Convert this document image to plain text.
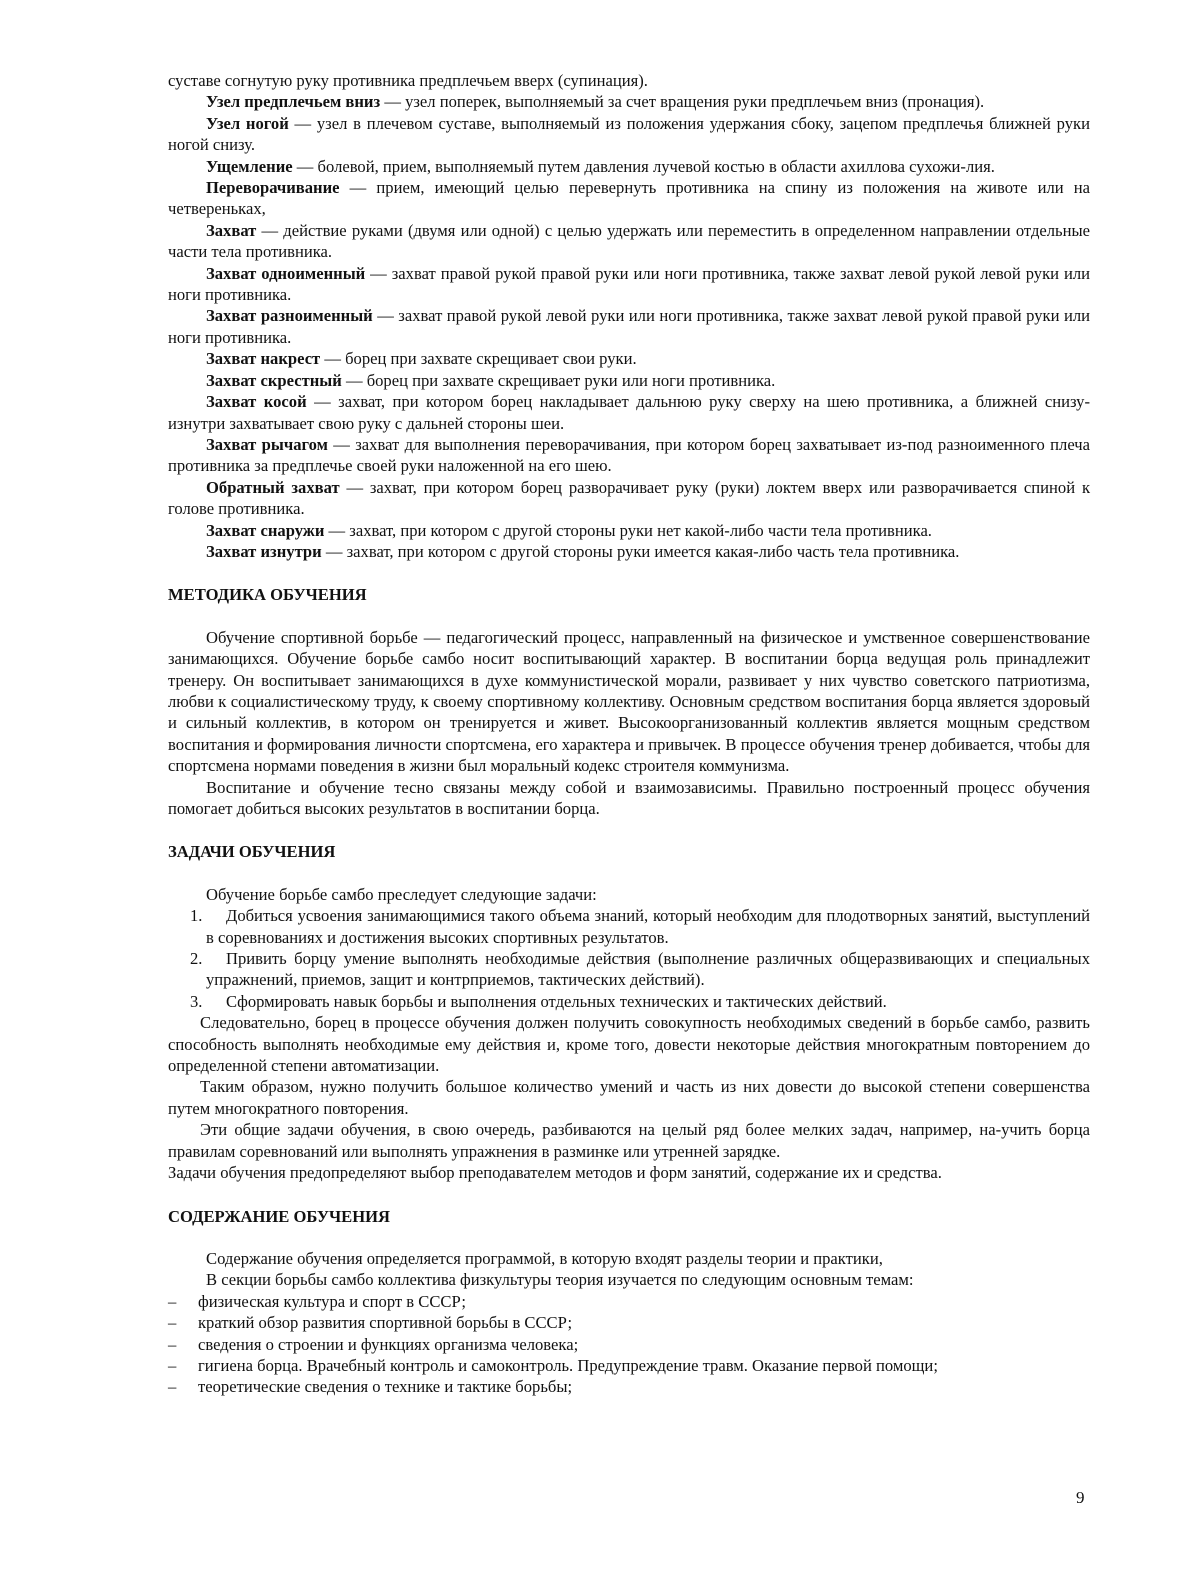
суставе согнутую руку противника предплечьем вверх (супинация).

Узел предплечьем вниз — узел поперек, выполняемый за счет вращения руки предплечьем вниз (пронация).

Узел ногой — узел в плечевом суставе, выполняемый из положения удержания сбоку, зацепом предплечья ближней руки ногой снизу.

Ущемление — болевой, прием, выполняемый путем давления лучевой костью в области ахиллова сухожи-лия.

Переворачивание — прием, имеющий целью перевернуть противника на спину из положения на животе или на четвереньках,

Захват — действие руками (двумя или одной) с целью удержать или переместить в определенном направлении отдельные части тела противника.

Захват одноименный — захват правой рукой правой руки или ноги противника, также захват левой рукой левой руки или ноги противника.

Захват разноименный — захват правой рукой левой руки или ноги противника, также захват левой рукой правой руки или ноги противника.

Захват накрест — борец при захвате скрещивает свои руки.

Захват скрестный — борец при захвате скрещивает руки или ноги противника.

Захват косой — захват, при котором борец накладывает дальнюю руку сверху на шею противника, а ближней снизу-изнутри захватывает свою руку с дальней стороны шеи.

Захват рычагом — захват для выполнения переворачивания, при котором борец захватывает из-под разноименного плеча противника за предплечье своей руки наложенной на его шею.

Обратный захват — захват, при котором борец разворачивает руку (руки) локтем вверх или разворачивается спиной к голове противника.

Захват снаружи — захват, при котором с другой стороны руки нет какой-либо части тела противника.

Захват изнутри — захват, при котором с другой стороны руки имеется какая-либо часть тела противника.

МЕТОДИКА ОБУЧЕНИЯ

Обучение спортивной борьбе — педагогический процесс, направленный на физическое и умственное совершенствование занимающихся. Обучение борьбе самбо носит воспитывающий характер. В воспитании борца ведущая роль принадлежит тренеру. Он воспитывает занимающихся в духе коммунистической морали, развивает у них чувство советского патриотизма, любви к социалистическому труду, к своему спортивному коллективу. Основным средством воспитания борца является здоровый и сильный коллектив, в котором он тренируется и живет. Высокоорганизованный коллектив является мощным средством воспитания и формирования личности спортсмена, его характера и привычек. В процессе обучения тренер добивается, чтобы для спортсмена нормами поведения в жизни был моральный кодекс строителя коммунизма.

Воспитание и обучение тесно связаны между собой и взаимозависимы. Правильно построенный процесс обучения помогает добиться высоких результатов в воспитании борца.

ЗАДАЧИ ОБУЧЕНИЯ

Обучение борьбе самбо преследует следующие задачи:

1. Добиться усвоения занимающимися такого объема знаний, который необходим для плодотворных занятий, выступлений в соревнованиях и достижения высоких спортивных результатов.

2. Привить борцу умение выполнять необходимые действия (выполнение различных общеразвивающих и специальных упражнений, приемов, защит и контрприемов, тактических действий).

3. Сформировать навык борьбы и выполнения отдельных технических и тактических действий.

Следовательно, борец в процессе обучения должен получить совокупность необходимых сведений в борьбе самбо, развить способность выполнять необходимые ему действия и, кроме того, довести некоторые действия многократным повторением до определенной степени автоматизации.

Таким образом, нужно получить большое количество умений и часть из них довести до высокой степени совершенства путем многократного повторения.

Эти общие задачи обучения, в свою очередь, разбиваются на целый ряд более мелких задач, например, на-учить борца правилам соревнований или выполнять упражнения в разминке или утренней зарядке.

Задачи обучения предопределяют выбор преподавателем методов и форм занятий, содержание их и средства.

СОДЕРЖАНИЕ ОБУЧЕНИЯ

Содержание обучения определяется программой, в которую входят разделы теории и практики,

В секции борьбы самбо коллектива физкультуры теория изучается по следующим основным темам:

– физическая культура и спорт в СССР;
– краткий обзор развития спортивной борьбы в СССР;
– сведения о строении и функциях организма человека;
– гигиена борца. Врачебный контроль и самоконтроль. Предупреждение травм. Оказание первой помощи;
– теоретические сведения о технике и тактике борьбы;
9
